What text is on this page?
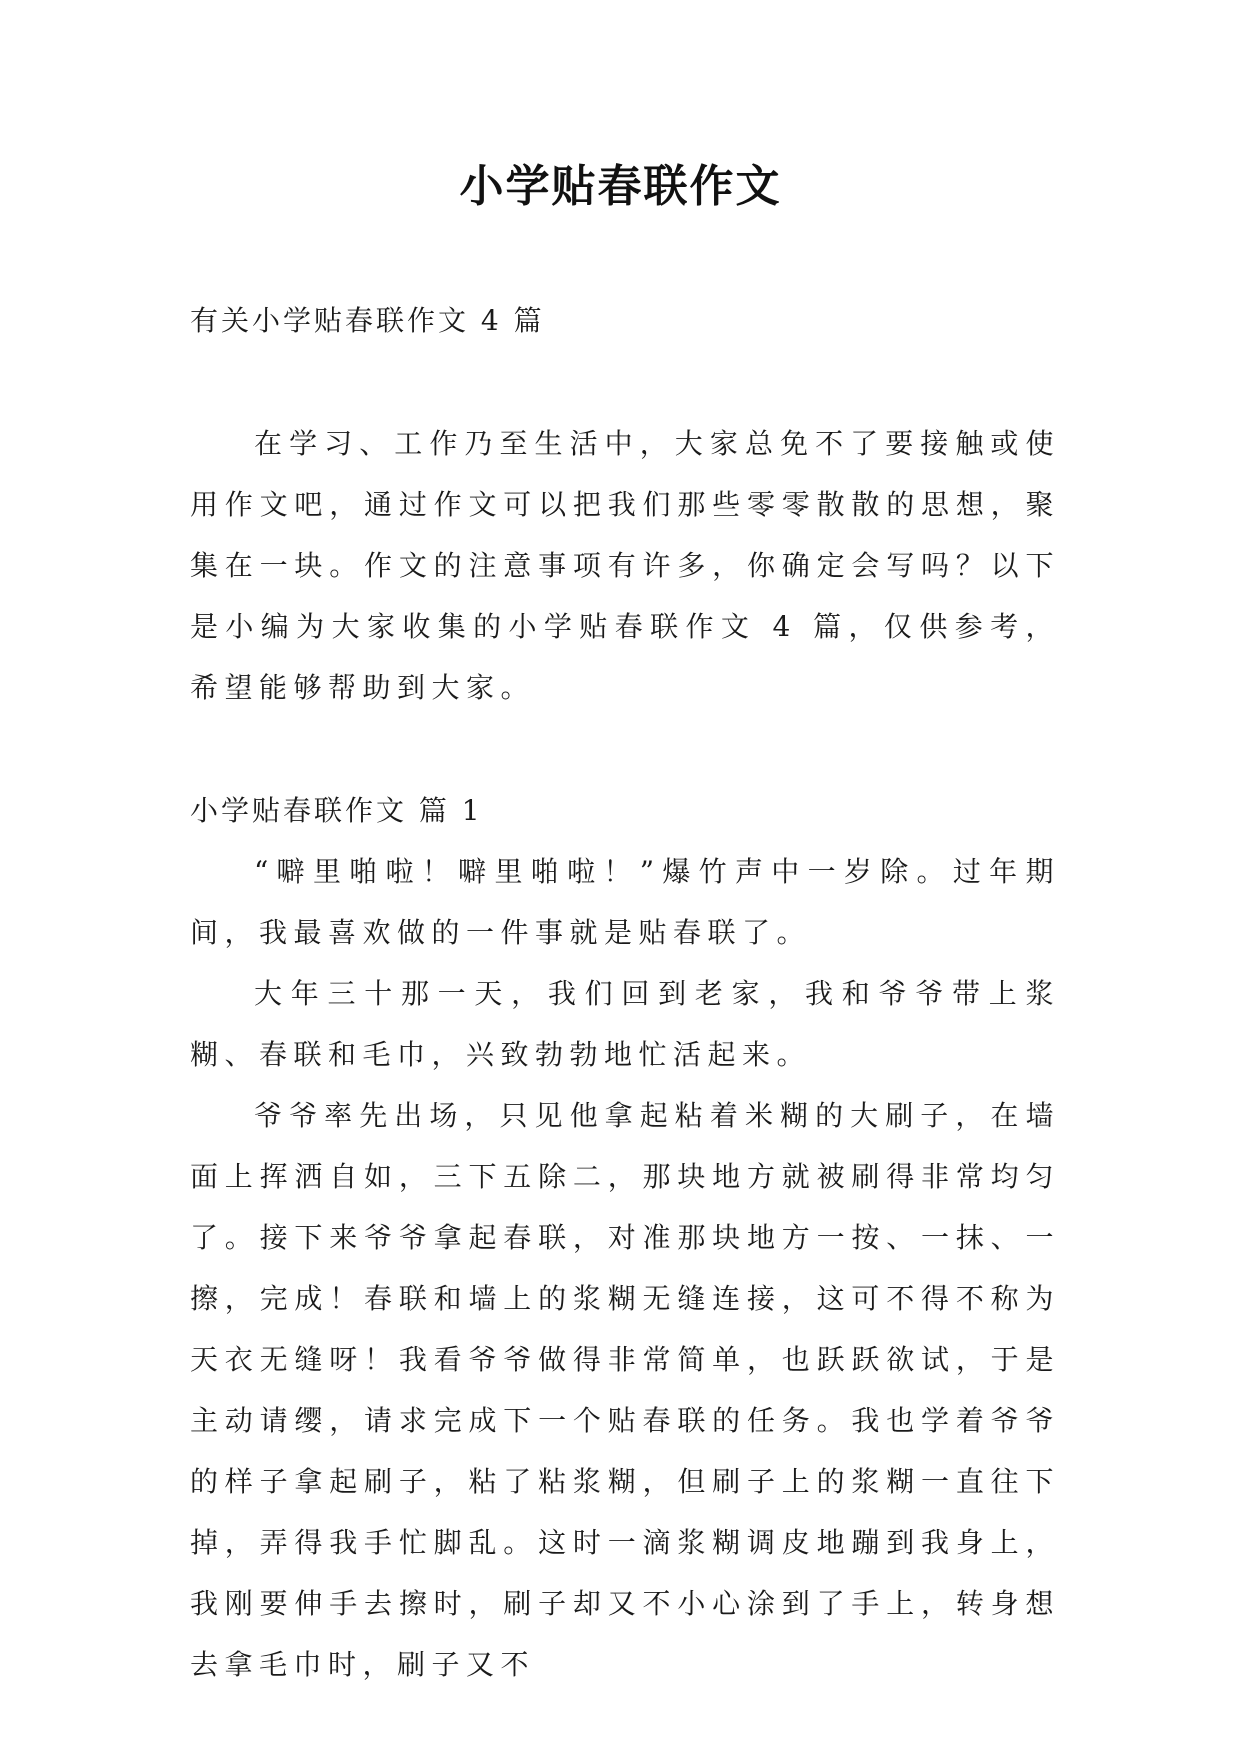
小学贴春联作文

有关小学贴春联作文 4 篇

在学习、工作乃至生活中，大家总免不了要接触或使用作文吧，通过作文可以把我们那些零零散散的思想，聚集在一块。作文的注意事项有许多，你确定会写吗？以下是小编为大家收集的小学贴春联作文 4 篇，仅供参考，希望能够帮助到大家。

小学贴春联作文 篇 1

“噼里啪啦！噼里啪啦！”爆竹声中一岁除。过年期间，我最喜欢做的一件事就是贴春联了。

大年三十那一天，我们回到老家，我和爷爷带上浆糊、春联和毛巾，兴致勃勃地忙活起来。

爷爷率先出场，只见他拿起粘着米糊的大刷子，在墙面上挥洒自如，三下五除二，那块地方就被刷得非常均匀了。接下来爷爷拿起春联，对准那块地方一按、一抹、一擦，完成！春联和墙上的浆糊无缝连接，这可不得不称为天衣无缝呀！我看爷爷做得非常简单，也跃跃欲试，于是主动请缨，请求完成下一个贴春联的任务。我也学着爷爷的样子拿起刷子，粘了粘浆糊，但刷子上的浆糊一直往下掉，弄得我手忙脚乱。这时一滴浆糊调皮地蹦到我身上，我刚要伸手去擦时，刷子却又不小心涂到了手上，转身想去拿毛巾时，刷子又不
